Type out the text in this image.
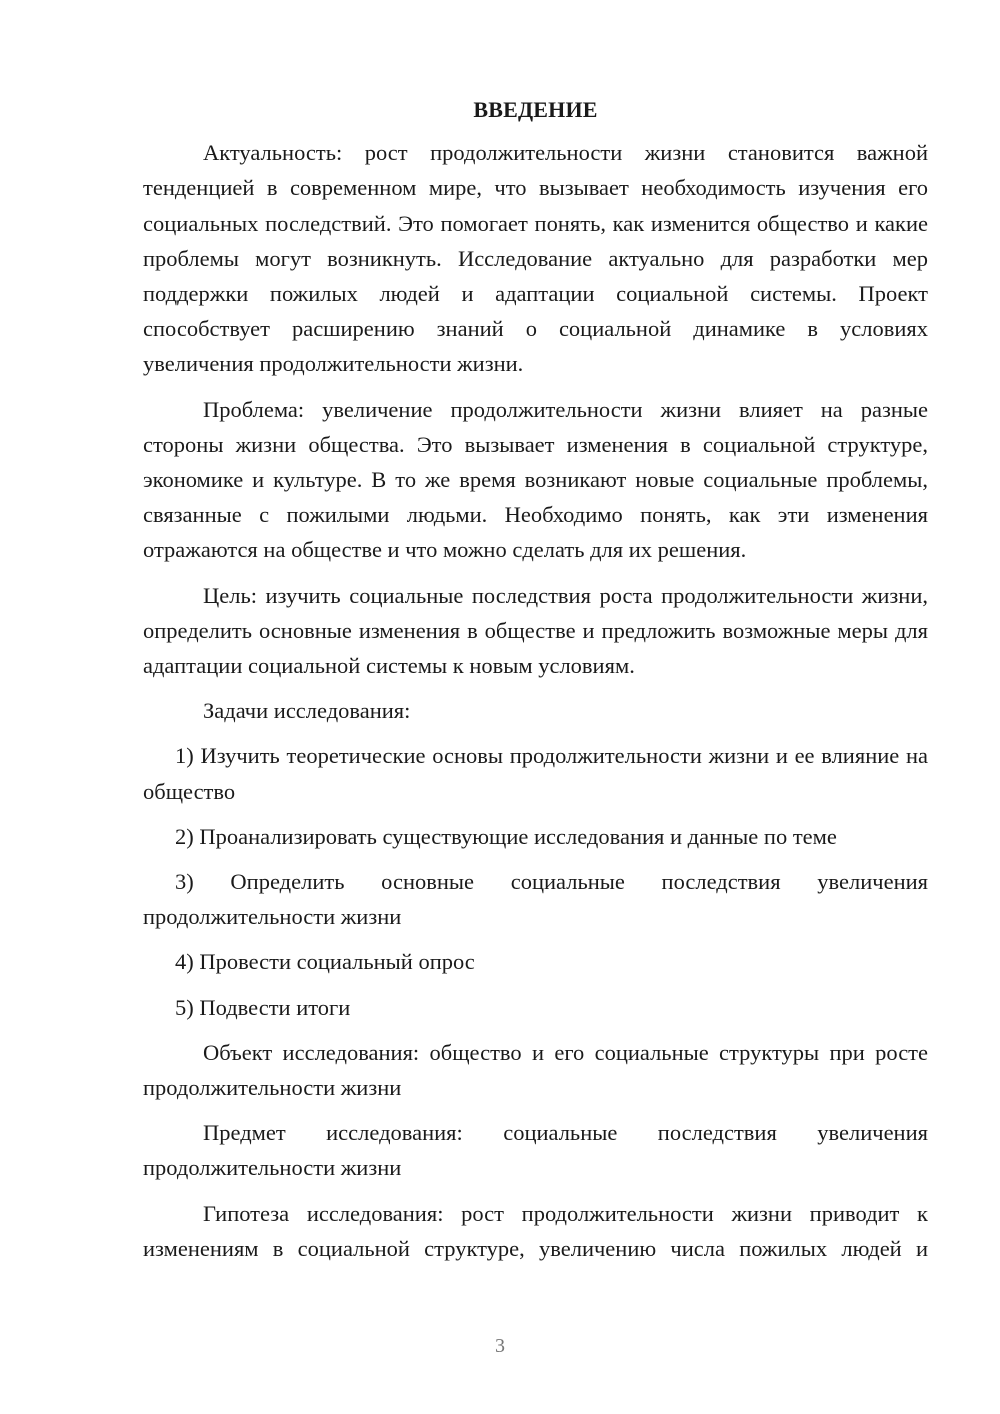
ВВЕДЕНИЕ

Актуальность: рост продолжительности жизни становится важной тенденцией в современном мире, что вызывает необходимость изучения его социальных последствий. Это помогает понять, как изменится общество и какие проблемы могут возникнуть. Исследование актуально для разработки мер поддержки пожилых людей и адаптации социальной системы. Проект способствует расширению знаний о социальной динамике в условиях увеличения продолжительности жизни.

Проблема: увеличение продолжительности жизни влияет на разные стороны жизни общества. Это вызывает изменения в социальной структуре, экономике и культуре. В то же время возникают новые социальные проблемы, связанные с пожилыми людьми. Необходимо понять, как эти изменения отражаются на обществе и что можно сделать для их решения.

Цель: изучить социальные последствия роста продолжительности жизни, определить основные изменения в обществе и предложить возможные меры для адаптации социальной системы к новым условиям.

Задачи исследования:

1) Изучить теоретические основы продолжительности жизни и ее влияние на общество

2) Проанализировать существующие исследования и данные по теме

3) Определить основные социальные последствия увеличения продолжительности жизни

4) Провести социальный опрос

5) Подвести итоги

Объект исследования: общество и его социальные структуры при росте продолжительности жизни

Предмет исследования: социальные последствия увеличения продолжительности жизни

Гипотеза исследования: рост продолжительности жизни приводит к изменениям в социальной структуре, увеличению числа пожилых людей и

3
